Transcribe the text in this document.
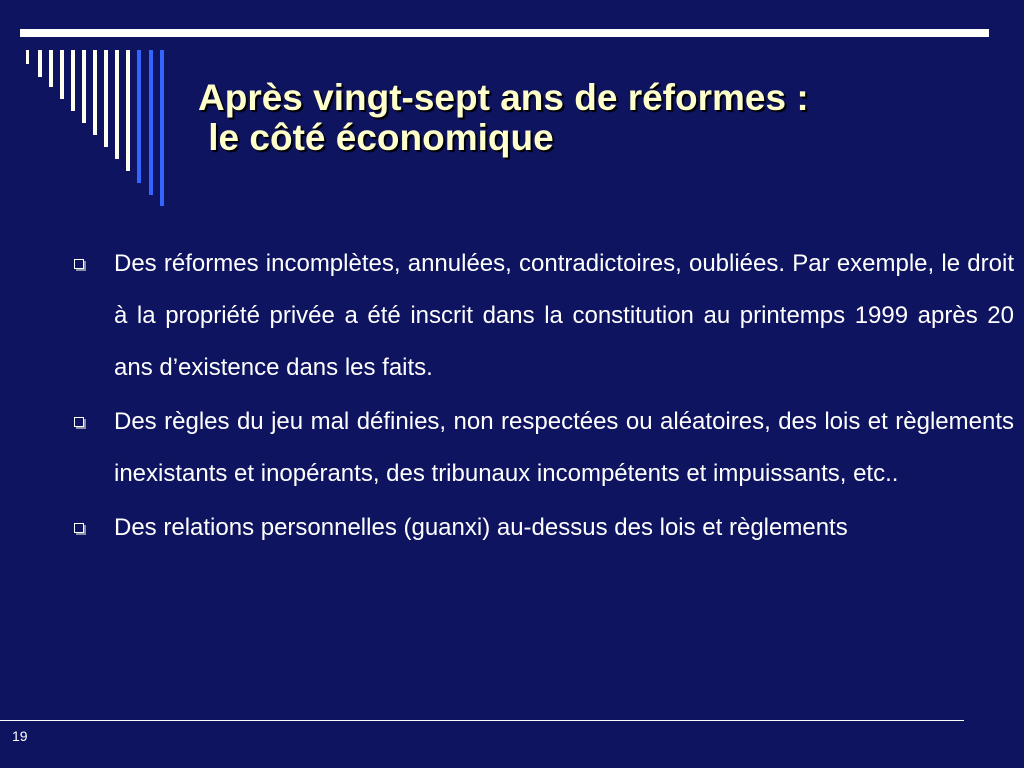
Après vingt-sept ans de réformes :
le côté économique
Des réformes incomplètes, annulées, contradictoires, oubliées. Par exemple, le droit à la propriété privée a été inscrit dans la constitution au printemps 1999 après 20 ans d’existence dans les faits.
Des règles du jeu mal définies, non respectées ou aléatoires, des lois et règlements inexistants et inopérants, des tribunaux incompétents et impuissants, etc..
Des relations personnelles (guanxi) au-dessus des lois et règlements
19
